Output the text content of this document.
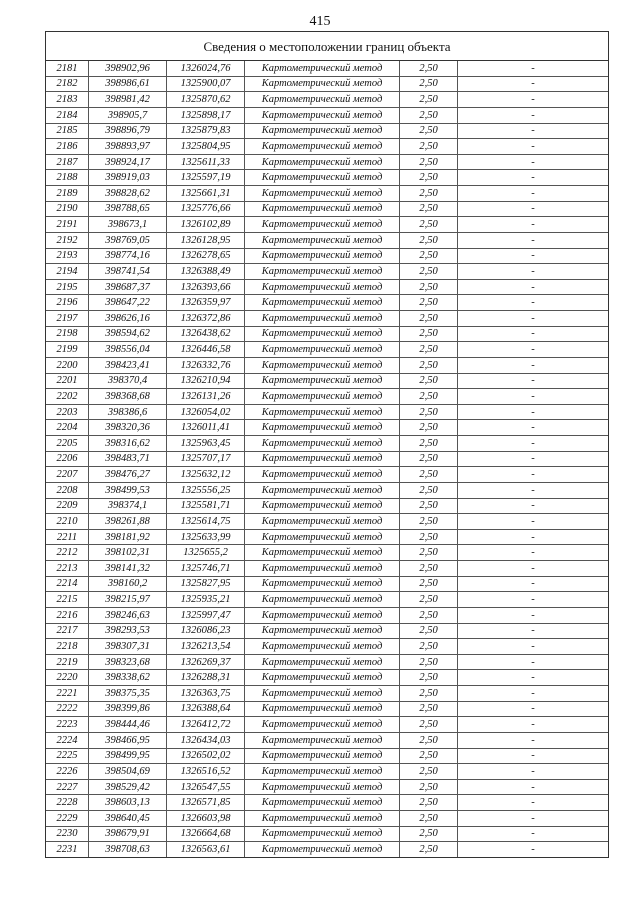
415
Сведения о местоположении границ объекта
2181	398902,96	1326024,76	Картометрический метод	2,50	-
2182	398986,61	1325900,07	Картометрический метод	2,50	-
2183	398981,42	1325870,62	Картометрический метод	2,50	-
2184	398905,7	1325898,17	Картометрический метод	2,50	-
2185	398896,79	1325879,83	Картометрический метод	2,50	-
2186	398893,97	1325804,95	Картометрический метод	2,50	-
2187	398924,17	1325611,33	Картометрический метод	2,50	-
2188	398919,03	1325597,19	Картометрический метод	2,50	-
2189	398828,62	1325661,31	Картометрический метод	2,50	-
2190	398788,65	1325776,66	Картометрический метод	2,50	-
2191	398673,1	1326102,89	Картометрический метод	2,50	-
2192	398769,05	1326128,95	Картометрический метод	2,50	-
2193	398774,16	1326278,65	Картометрический метод	2,50	-
2194	398741,54	1326388,49	Картометрический метод	2,50	-
2195	398687,37	1326393,66	Картометрический метод	2,50	-
2196	398647,22	1326359,97	Картометрический метод	2,50	-
2197	398626,16	1326372,86	Картометрический метод	2,50	-
2198	398594,62	1326438,62	Картометрический метод	2,50	-
2199	398556,04	1326446,58	Картометрический метод	2,50	-
2200	398423,41	1326332,76	Картометрический метод	2,50	-
2201	398370,4	1326210,94	Картометрический метод	2,50	-
2202	398368,68	1326131,26	Картометрический метод	2,50	-
2203	398386,6	1326054,02	Картометрический метод	2,50	-
2204	398320,36	1326011,41	Картометрический метод	2,50	-
2205	398316,62	1325963,45	Картометрический метод	2,50	-
2206	398483,71	1325707,17	Картометрический метод	2,50	-
2207	398476,27	1325632,12	Картометрический метод	2,50	-
2208	398499,53	1325556,25	Картометрический метод	2,50	-
2209	398374,1	1325581,71	Картометрический метод	2,50	-
2210	398261,88	1325614,75	Картометрический метод	2,50	-
2211	398181,92	1325633,99	Картометрический метод	2,50	-
2212	398102,31	1325655,2	Картометрический метод	2,50	-
2213	398141,32	1325746,71	Картометрический метод	2,50	-
2214	398160,2	1325827,95	Картометрический метод	2,50	-
2215	398215,97	1325935,21	Картометрический метод	2,50	-
2216	398246,63	1325997,47	Картометрический метод	2,50	-
2217	398293,53	1326086,23	Картометрический метод	2,50	-
2218	398307,31	1326213,54	Картометрический метод	2,50	-
2219	398323,68	1326269,37	Картометрический метод	2,50	-
2220	398338,62	1326288,31	Картометрический метод	2,50	-
2221	398375,35	1326363,75	Картометрический метод	2,50	-
2222	398399,86	1326388,64	Картометрический метод	2,50	-
2223	398444,46	1326412,72	Картометрический метод	2,50	-
2224	398466,95	1326434,03	Картометрический метод	2,50	-
2225	398499,95	1326502,02	Картометрический метод	2,50	-
2226	398504,69	1326516,52	Картометрический метод	2,50	-
2227	398529,42	1326547,55	Картометрический метод	2,50	-
2228	398603,13	1326571,85	Картометрический метод	2,50	-
2229	398640,45	1326603,98	Картометрический метод	2,50	-
2230	398679,91	1326664,68	Картометрический метод	2,50	-
2231	398708,63	1326563,61	Картометрический метод	2,50	-
